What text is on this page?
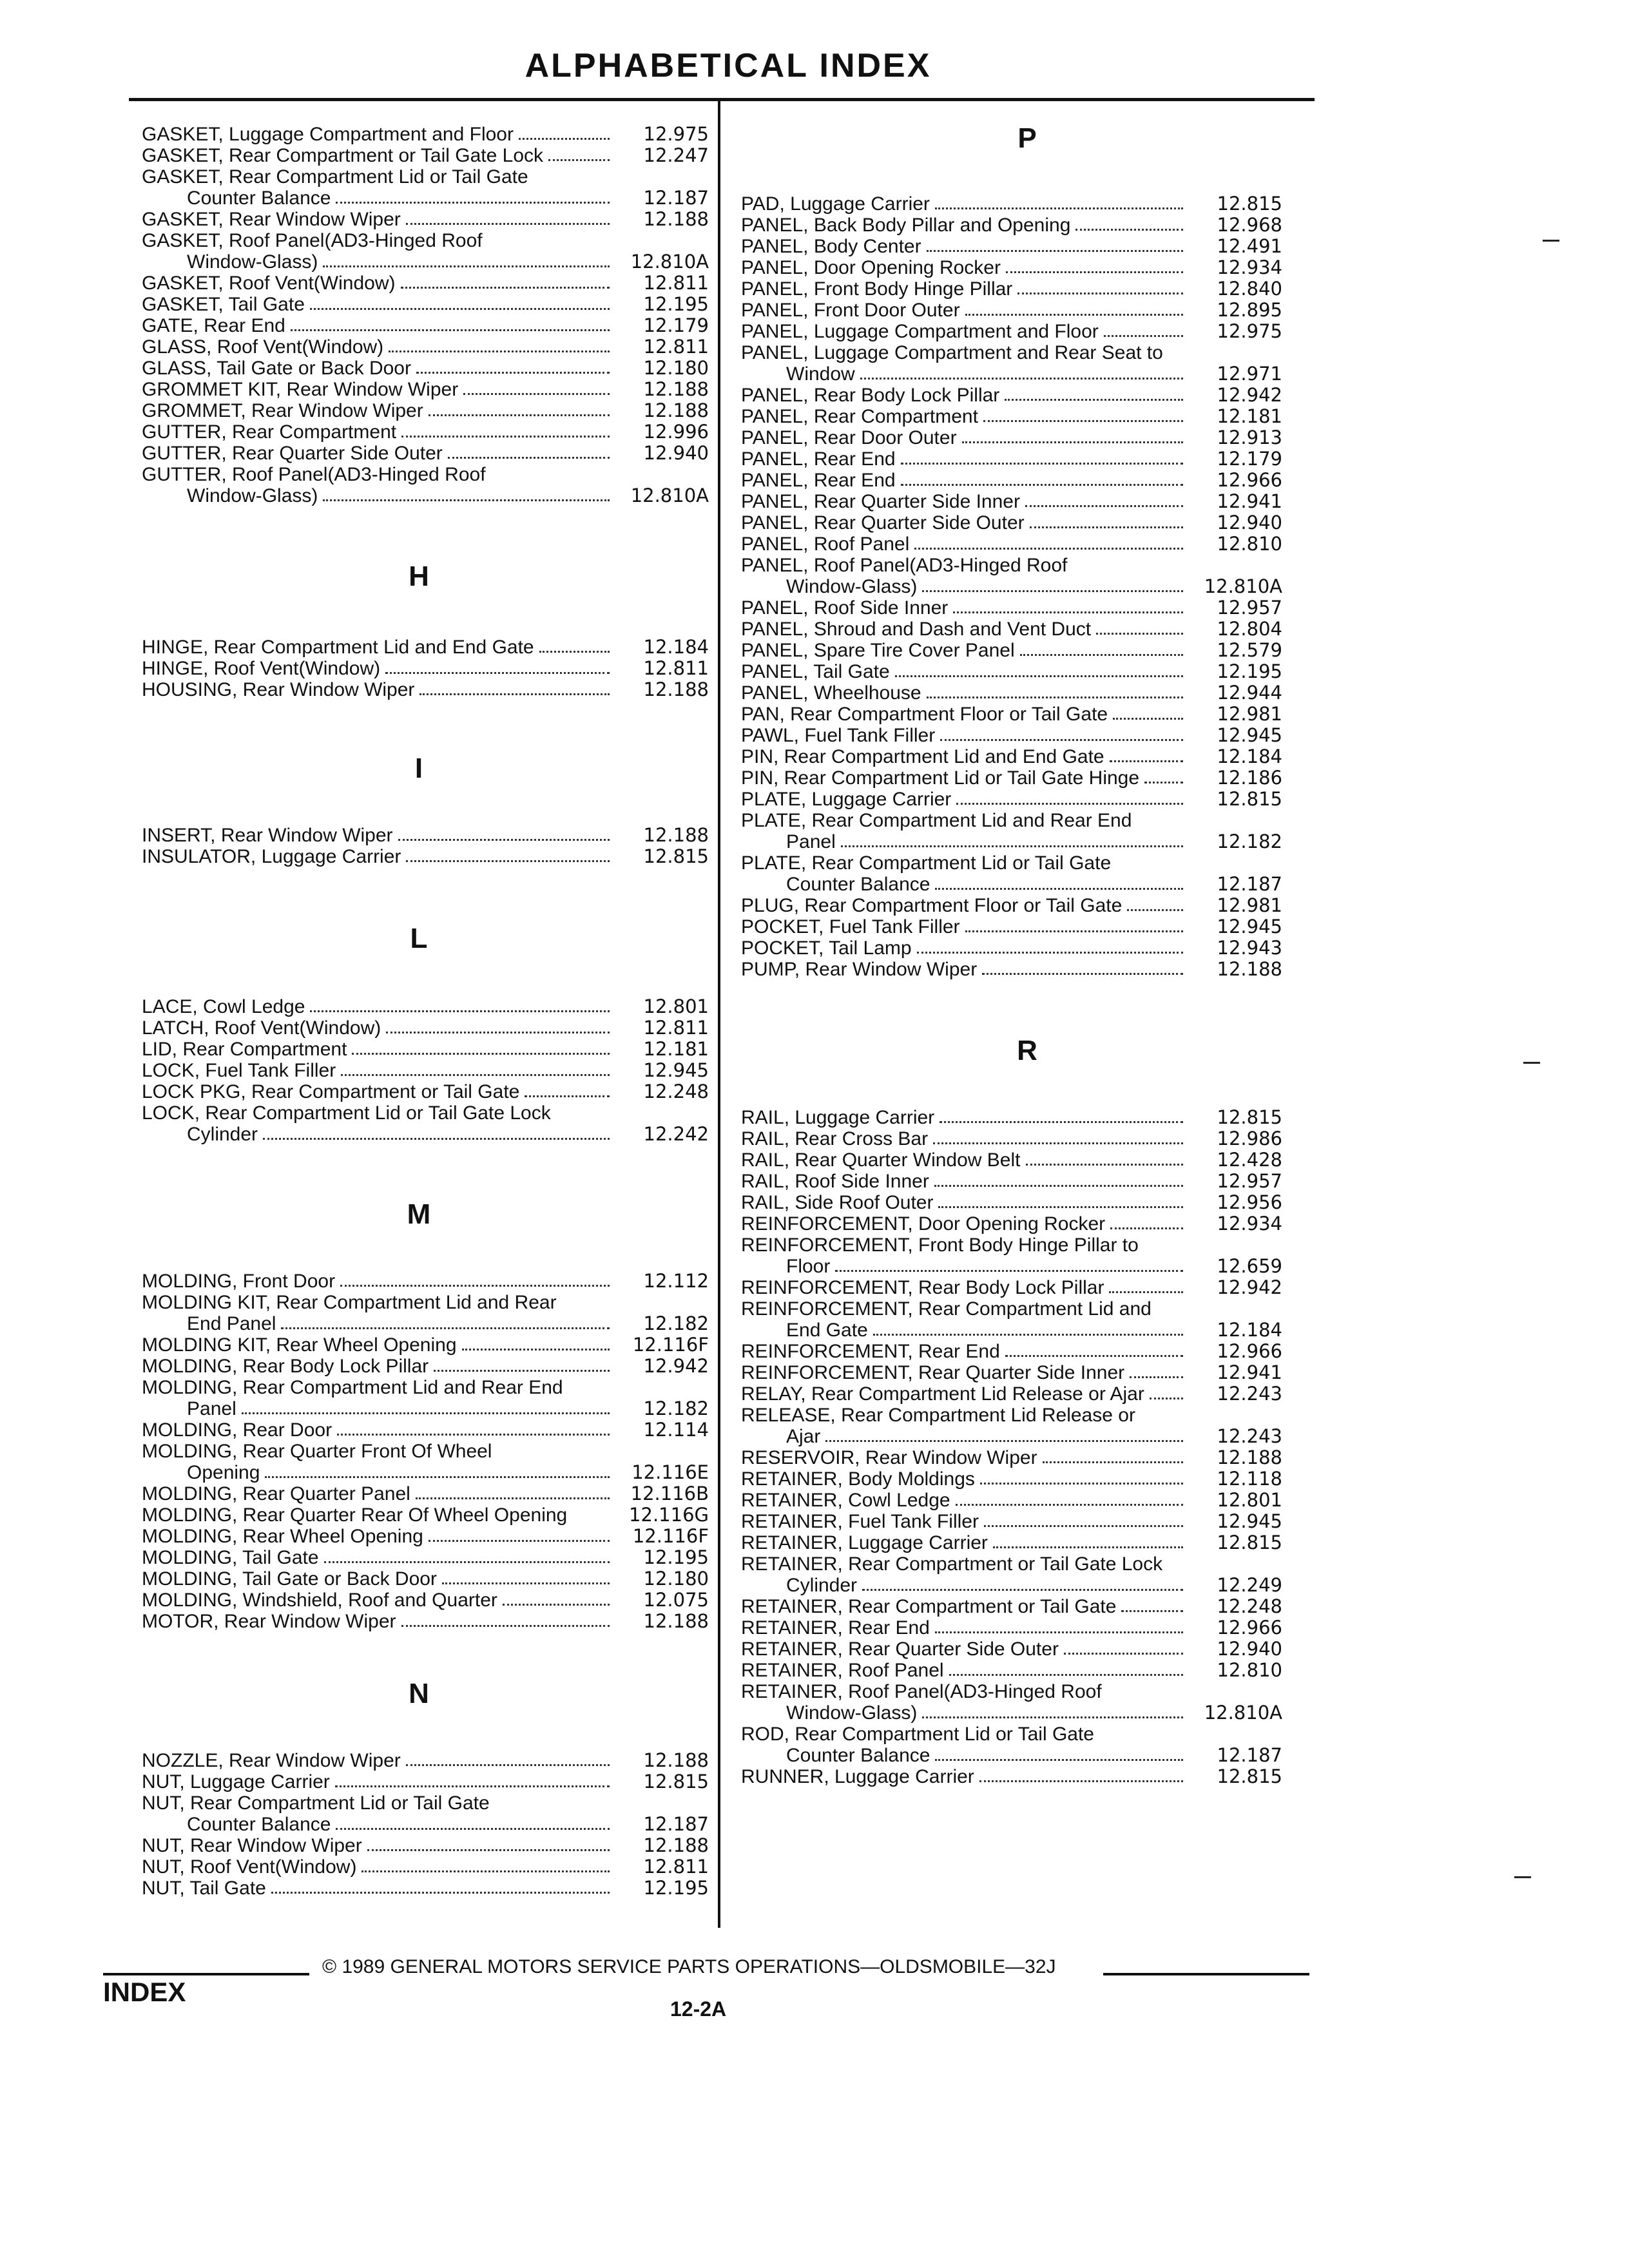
ALPHABETICAL INDEX
GASKET, Luggage Compartment and Floor	12.975
GASKET, Rear Compartment or Tail Gate Lock	12.247
GASKET, Rear Compartment Lid or Tail Gate
Counter Balance	12.187
GASKET, Rear Window Wiper	12.188
GASKET, Roof Panel(AD3-Hinged Roof
Window-Glass)	12.810A
GASKET, Roof Vent(Window)	12.811
GASKET, Tail Gate	12.195
GATE, Rear End	12.179
GLASS, Roof Vent(Window)	12.811
GLASS, Tail Gate or Back Door	12.180
GROMMET KIT, Rear Window Wiper	12.188
GROMMET, Rear Window Wiper	12.188
GUTTER, Rear Compartment	12.996
GUTTER, Rear Quarter Side Outer	12.940
GUTTER, Roof Panel(AD3-Hinged Roof
Window-Glass)	12.810A
H
HINGE, Rear Compartment Lid and End Gate	12.184
HINGE, Roof Vent(Window)	12.811
HOUSING, Rear Window Wiper	12.188
I
INSERT, Rear Window Wiper	12.188
INSULATOR, Luggage Carrier	12.815
L
LACE, Cowl Ledge	12.801
LATCH, Roof Vent(Window)	12.811
LID, Rear Compartment	12.181
LOCK, Fuel Tank Filler	12.945
LOCK PKG, Rear Compartment or Tail Gate	12.248
LOCK, Rear Compartment Lid or Tail Gate Lock
Cylinder	12.242
M
MOLDING, Front Door	12.112
MOLDING KIT, Rear Compartment Lid and Rear
End Panel	12.182
MOLDING KIT, Rear Wheel Opening	12.116F
MOLDING, Rear Body Lock Pillar	12.942
MOLDING, Rear Compartment Lid and Rear End
Panel	12.182
MOLDING, Rear Door	12.114
MOLDING, Rear Quarter Front Of Wheel
Opening	12.116E
MOLDING, Rear Quarter Panel	12.116B
MOLDING, Rear Quarter Rear Of Wheel Opening	12.116G
MOLDING, Rear Wheel Opening	12.116F
MOLDING, Tail Gate	12.195
MOLDING, Tail Gate or Back Door	12.180
MOLDING, Windshield, Roof and Quarter	12.075
MOTOR, Rear Window Wiper	12.188
N
NOZZLE, Rear Window Wiper	12.188
NUT, Luggage Carrier	12.815
NUT, Rear Compartment Lid or Tail Gate
Counter Balance	12.187
NUT, Rear Window Wiper	12.188
NUT, Roof Vent(Window)	12.811
NUT, Tail Gate	12.195
P
PAD, Luggage Carrier	12.815
PANEL, Back Body Pillar and Opening	12.968
PANEL, Body Center	12.491
PANEL, Door Opening Rocker	12.934
PANEL, Front Body Hinge Pillar	12.840
PANEL, Front Door Outer	12.895
PANEL, Luggage Compartment and Floor	12.975
PANEL, Luggage Compartment and Rear Seat to
Window	12.971
PANEL, Rear Body Lock Pillar	12.942
PANEL, Rear Compartment	12.181
PANEL, Rear Door Outer	12.913
PANEL, Rear End	12.179
PANEL, Rear End	12.966
PANEL, Rear Quarter Side Inner	12.941
PANEL, Rear Quarter Side Outer	12.940
PANEL, Roof Panel	12.810
PANEL, Roof Panel(AD3-Hinged Roof
Window-Glass)	12.810A
PANEL, Roof Side Inner	12.957
PANEL, Shroud and Dash and Vent Duct	12.804
PANEL, Spare Tire Cover Panel	12.579
PANEL, Tail Gate	12.195
PANEL, Wheelhouse	12.944
PAN, Rear Compartment Floor or Tail Gate	12.981
PAWL, Fuel Tank Filler	12.945
PIN, Rear Compartment Lid and End Gate	12.184
PIN, Rear Compartment Lid or Tail Gate Hinge	12.186
PLATE, Luggage Carrier	12.815
PLATE, Rear Compartment Lid and Rear End
Panel	12.182
PLATE, Rear Compartment Lid or Tail Gate
Counter Balance	12.187
PLUG, Rear Compartment Floor or Tail Gate	12.981
POCKET, Fuel Tank Filler	12.945
POCKET, Tail Lamp	12.943
PUMP, Rear Window Wiper	12.188
R
RAIL, Luggage Carrier	12.815
RAIL, Rear Cross Bar	12.986
RAIL, Rear Quarter Window Belt	12.428
RAIL, Roof Side Inner	12.957
RAIL, Side Roof Outer	12.956
REINFORCEMENT, Door Opening Rocker	12.934
REINFORCEMENT, Front Body Hinge Pillar to
Floor	12.659
REINFORCEMENT, Rear Body Lock Pillar	12.942
REINFORCEMENT, Rear Compartment Lid and
End Gate	12.184
REINFORCEMENT, Rear End	12.966
REINFORCEMENT, Rear Quarter Side Inner	12.941
RELAY, Rear Compartment Lid Release or Ajar	12.243
RELEASE, Rear Compartment Lid Release or
Ajar	12.243
RESERVOIR, Rear Window Wiper	12.188
RETAINER, Body Moldings	12.118
RETAINER, Cowl Ledge	12.801
RETAINER, Fuel Tank Filler	12.945
RETAINER, Luggage Carrier	12.815
RETAINER, Rear Compartment or Tail Gate Lock
Cylinder	12.249
RETAINER, Rear Compartment or Tail Gate	12.248
RETAINER, Rear End	12.966
RETAINER, Rear Quarter Side Outer	12.940
RETAINER, Roof Panel	12.810
RETAINER, Roof Panel(AD3-Hinged Roof
Window-Glass)	12.810A
ROD, Rear Compartment Lid or Tail Gate
Counter Balance	12.187
RUNNER, Luggage Carrier	12.815
© 1989 GENERAL MOTORS SERVICE PARTS OPERATIONS—OLDSMOBILE—32J
INDEX
12-2A
